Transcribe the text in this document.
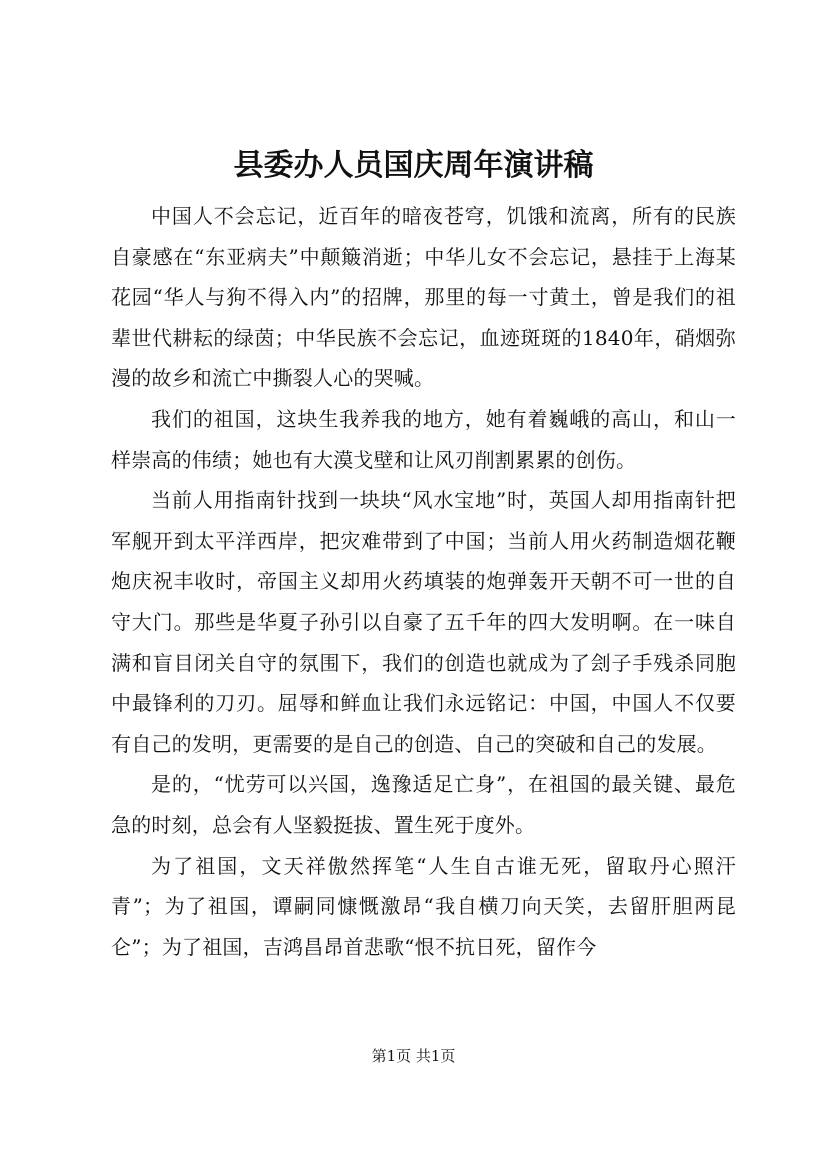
县委办人员国庆周年演讲稿

中国人不会忘记，近百年的暗夜苍穹，饥饿和流离，所有的民族自豪感在“东亚病夫”中颠簸消逝；中华儿女不会忘记，悬挂于上海某花园“华人与狗不得入内”的招牌，那里的每一寸黄土，曾是我们的祖辈世代耕耘的绿茵；中华民族不会忘记，血迹斑斑的1840年，硝烟弥漫的故乡和流亡中撕裂人心的哭喊。

我们的祖国，这块生我养我的地方，她有着巍峨的高山，和山一样崇高的伟绩；她也有大漠戈壁和让风刃削割累累的创伤。

当前人用指南针找到一块块“风水宝地”时，英国人却用指南针把军舰开到太平洋西岸，把灾难带到了中国；当前人用火药制造烟花鞭炮庆祝丰收时，帝国主义却用火药填装的炮弹轰开天朝不可一世的自守大门。那些是华夏子孙引以自豪了五千年的四大发明啊。在一味自满和盲目闭关自守的氛围下，我们的创造也就成为了刽子手残杀同胞中最锋利的刀刃。屈辱和鲜血让我们永远铭记：中国，中国人不仅要有自己的发明，更需要的是自己的创造、自己的突破和自己的发展。

是的，“忧劳可以兴国，逸豫适足亡身”，在祖国的最关键、最危急的时刻，总会有人坚毅挺拔、置生死于度外。

为了祖国，文天祥傲然挥笔“人生自古谁无死，留取丹心照汗青”；为了祖国，谭嗣同慷慨激昂“我自横刀向天笑，去留肝胆两昆仑”；为了祖国，吉鸿昌昂首悲歌“恨不抗日死，留作今

第1页 共1页
